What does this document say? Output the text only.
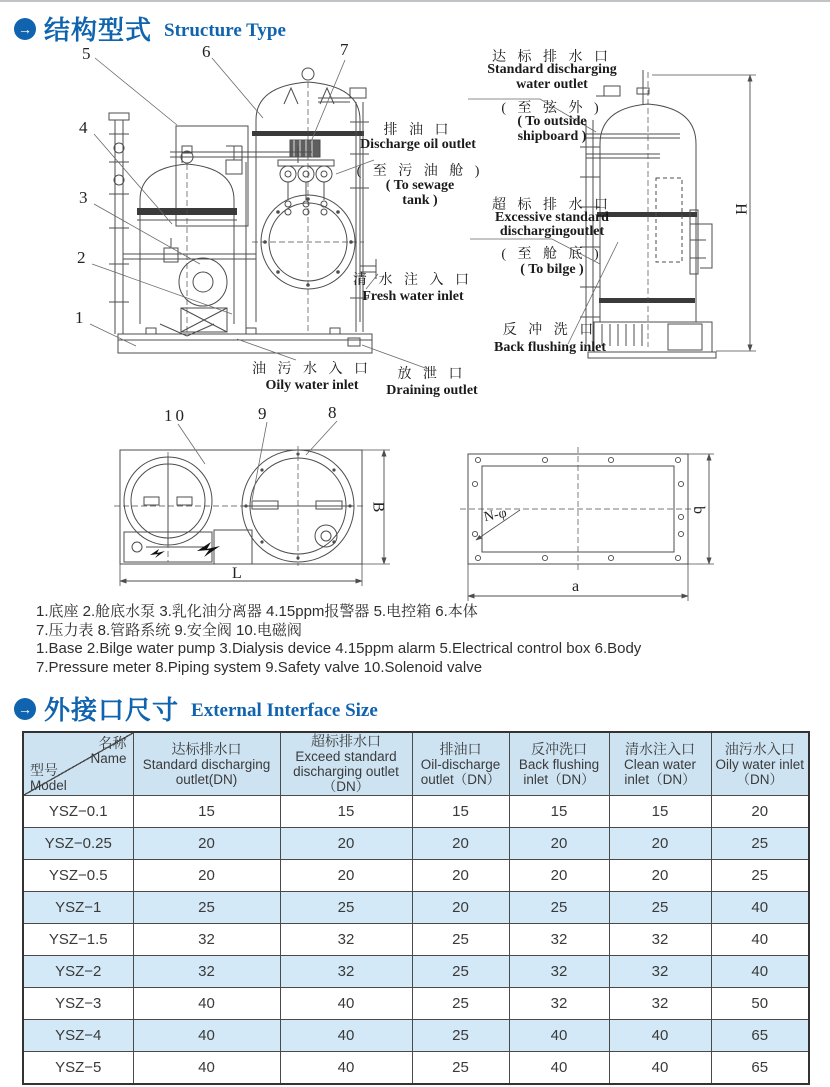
→ 结构型式 Structure Type
达 标 排 水 口
Standard discharging
water outlet
( 至 弦 外 )
( To outside
shipboard )
排 油 口
Discharge oil outlet
( 至 污 油 舱 )
( To sewage
tank )	超 标 排 水 口
Excessive standard
dischargingoutlet
( 至 舱 底 )
( To bilge )
清 水 注 入 口
Fresh water inlet
反 冲 洗 口
Back flushing inlet
油 污 水 入 口
Oily water inlet
放 泄 口
Draining outlet
5	6	7
4
3
2
1
10	9	8
H
B
L
b
a
N-φ
1.底座 2.舱底水泵 3.乳化油分离器 4.15ppm报警器 5.电控箱 6.本体
7.压力表 8.管路系统 9.安全阀 10.电磁阀
1.Base 2.Bilge water pump 3.Dialysis device 4.15ppm alarm 5.Electrical control box 6.Body
7.Pressure meter 8.Piping system 9.Safety valve 10.Solenoid valve
→ 外接口尺寸 External Interface Size
名称
Name
型号
Model

达标排水口
Standard discharging outlet(DN)

超标排水口
Exceed standard discharging outlet （DN）

排油口
Oil-discharge outlet（DN）

反冲洗口
Back flushing inlet（DN）

清水注入口
Clean water inlet（DN）

油污水入口
Oily water inlet（DN）

YSZ−0.1	15	15	15	15	15	20
YSZ−0.25	20	20	20	20	20	25
YSZ−0.5	20	20	20	20	20	25
YSZ−1	25	25	20	25	25	40
YSZ−1.5	32	32	25	32	32	40
YSZ−2	32	32	25	32	32	40
YSZ−3	40	40	25	32	32	50
YSZ−4	40	40	25	40	40	65
YSZ−5	40	40	25	40	40	65
